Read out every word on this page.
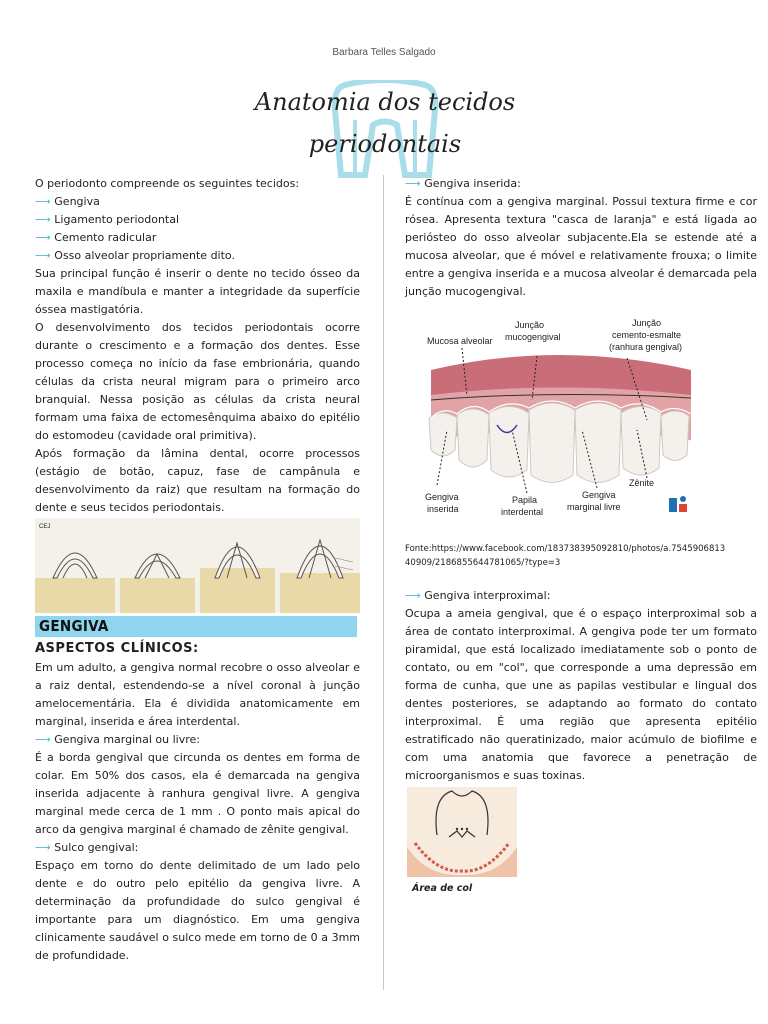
Barbara Telles Salgado
Anatomia dos tecidos
periodontais

O periodonto compreende os seguintes tecidos:

⟶ Gengiva

⟶ Ligamento periodontal

⟶ Cemento radicular

⟶ Osso alveolar propriamente dito.

Sua principal função é inserir o dente no tecido ósseo da maxila e mandíbula e manter a integridade da superfície óssea mastigatória.

O desenvolvimento dos tecidos periodontais ocorre durante o crescimento e a formação dos dentes. Esse processo começa no início da fase embrionária, quando células da crista neural migram para o primeiro arco branquial. Nessa posição as células da crista neural formam uma faixa de ectomesênquima abaixo do epitélio do estomodeu (cavidade oral primitiva).

Após formação da lâmina dental, ocorre processos (estágio de botão, capuz, fase de campânula e desenvolvimento da raiz) que resultam na formação do dente e seus tecidos periodontais.

CEJ
GENGIVA
ASPECTOS CLÍNICOS:

Em um adulto, a gengiva normal recobre o osso alveolar e a raiz dental, estendendo-se a nível coronal à junção amelocementária. Ela é dividida anatomicamente em marginal, inserida e área interdental.

⟶ Gengiva marginal ou livre:

É a borda gengival que circunda os dentes em forma de colar. Em 50% dos casos, ela é demarcada na gengiva inserida adjacente à ranhura gengival livre. A gengiva marginal mede cerca de 1 mm . O ponto mais apical do arco da gengiva marginal é chamado de zênite gengival.

⟶ Sulco gengival:

Espaço em torno do dente delimitado de um lado pelo dente e do outro pelo epitélio da gengiva livre. A determinação da profundidade do sulco gengival é importante para um diagnóstico. Em uma gengiva clinicamente saudável o sulco mede em torno de 0 a 3mm de profundidade.

⟶ Gengiva inserida:

É contínua com a gengiva marginal. Possui textura firme e cor rósea. Apresenta textura "casca de laranja" e está ligada ao periósteo do osso alveolar subjacente.Ela se estende até a mucosa alveolar, que é móvel e relativamente frouxa; o limite entre a gengiva inserida e a mucosa alveolar é demarcada pela junção mucogengival.

Mucosa alveolar
Junção
mucogengival
Junção
cemento-esmalte
(ranhura gengival)
Gengiva
inserida
Papila
interdental
Gengiva
marginal livre
Zênite
Fonte:https://www.facebook.com/183738395092810/photos/a.7545906813
40909/2186855644781065/?type=3

⟶ Gengiva interproximal:

Ocupa a ameia gengival, que é o espaço interproximal sob a área de contato interproximal. A gengiva pode ter um formato piramidal, que está localizado imediatamente sob o ponto de contato, ou em "col", que corresponde a uma depressão em forma de cunha, que une as papilas vestibular e lingual dos dentes posteriores, se adaptando ao formato do contato interproximal. É uma região que apresenta epitélio estratificado não queratinizado, maior acúmulo de biofilme e com uma anatomia que favorece a penetração de microorganismos e suas toxinas.

Área de col
